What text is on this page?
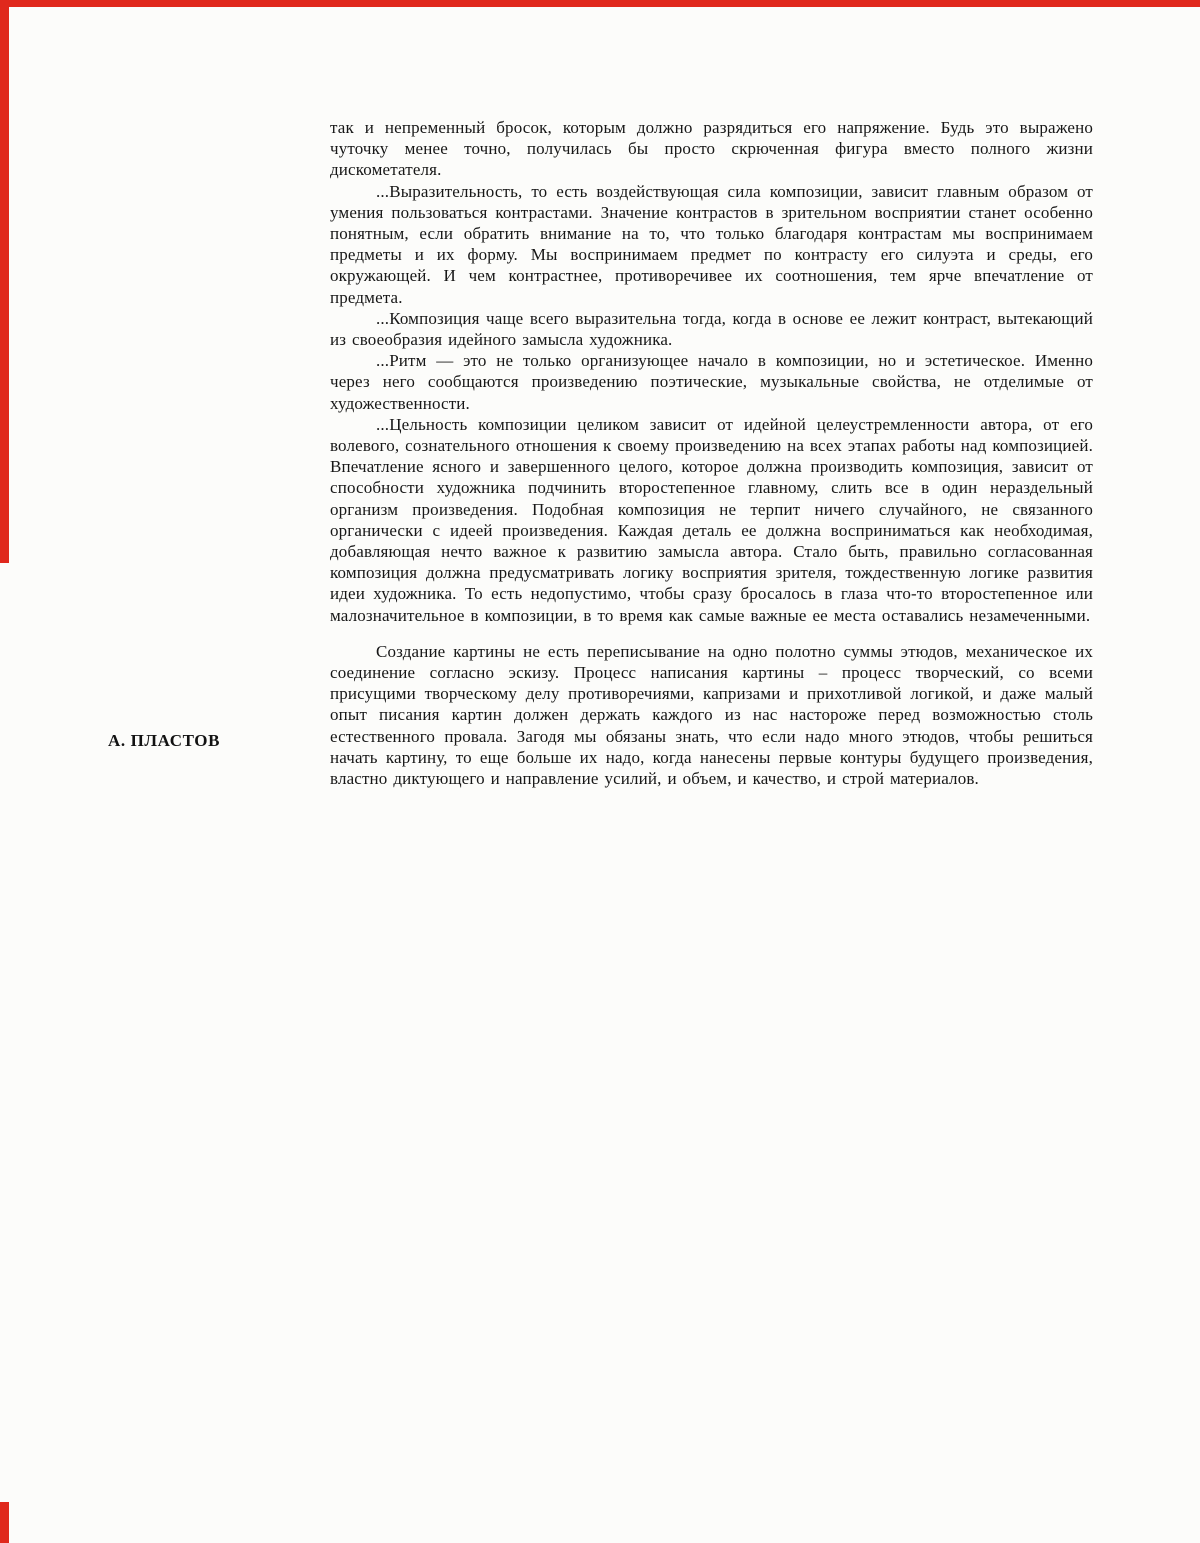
А. ПЛАСТОВ

так и непременный бросок, которым должно разрядиться его напряжение. Будь это выражено чуточку менее точно, получилась бы просто скрюченная фигура вместо полного жизни дискометателя.

...Выразительность, то есть воздействующая сила композиции, зависит главным образом от умения пользоваться контрастами. Значение контрастов в зрительном восприятии станет особенно понятным, если обратить внимание на то, что только благодаря контрастам мы воспринимаем предметы и их форму. Мы воспринимаем предмет по контрасту его силуэта и среды, его окружающей. И чем контрастнее, противоречивее их соотношения, тем ярче впечатление от предмета.

...Композиция чаще всего выразительна тогда, когда в основе ее лежит контраст, вытекающий из своеобразия идейного замысла художника.

...Ритм — это не только организующее начало в композиции, но и эстетическое. Именно через него сообщаются произведению поэтические, музыкальные свойства, не отделимые от художественности.

...Цельность композиции целиком зависит от идейной целеустремленности автора, от его волевого, сознательного отношения к своему произведению на всех этапах работы над композицией. Впечатление ясного и завершенного целого, которое должна производить композиция, зависит от способности художника подчинить второстепенное главному, слить все в один нераздельный организм произведения. Подобная композиция не терпит ничего случайного, не связанного органически с идеей произведения. Каждая деталь ее должна восприниматься как необходимая, добавляющая нечто важное к развитию замысла автора. Стало быть, правильно согласованная композиция должна предусматривать логику восприятия зрителя, тождественную логике развития идеи художника. То есть недопустимо, чтобы сразу бросалось в глаза что-то второстепенное или малозначительное в композиции, в то время как самые важные ее места оставались незамеченными.

Создание картины не есть переписывание на одно полотно суммы этюдов, механическое их соединение согласно эскизу. Процесс написания картины – процесс творческий, со всеми присущими творческому делу противоречиями, капризами и прихотливой логикой, и даже малый опыт писания картин должен держать каждого из нас настороже перед возможностью столь естественного провала. Загодя мы обязаны знать, что если надо много этюдов, чтобы решиться начать картину, то еще больше их надо, когда нанесены первые контуры будущего произведения, властно диктующего и направление усилий, и объем, и качество, и строй материалов.
